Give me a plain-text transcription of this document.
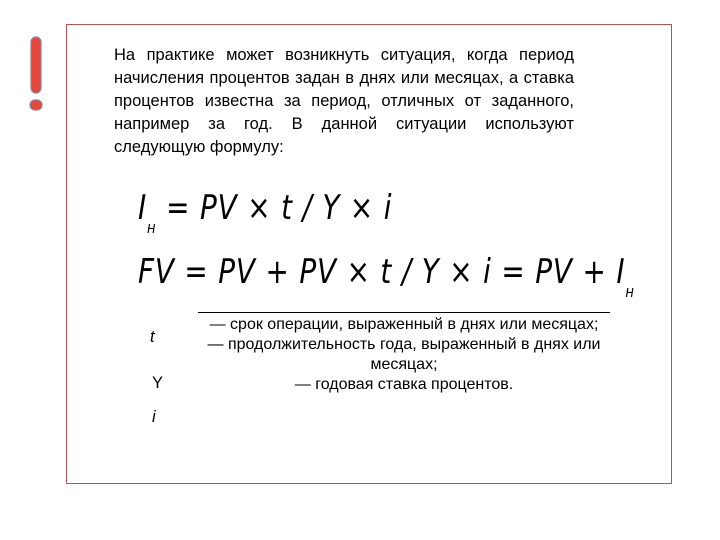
На практике может возникнуть ситуация, когда период начисления процентов задан в днях или месяцах, а ставка процентов известна за период, отличных от заданного, например за год. В данной ситуации используют следующую формулу:

$I_н$ = PV × t / Y × i
FV = PV + PV × t / Y × i = PV + $I_н$
t
Y
i
— срок операции, выраженный в днях или месяцах;
— продолжительность года, выраженный в днях или месяцах;
— годовая ставка процентов.
